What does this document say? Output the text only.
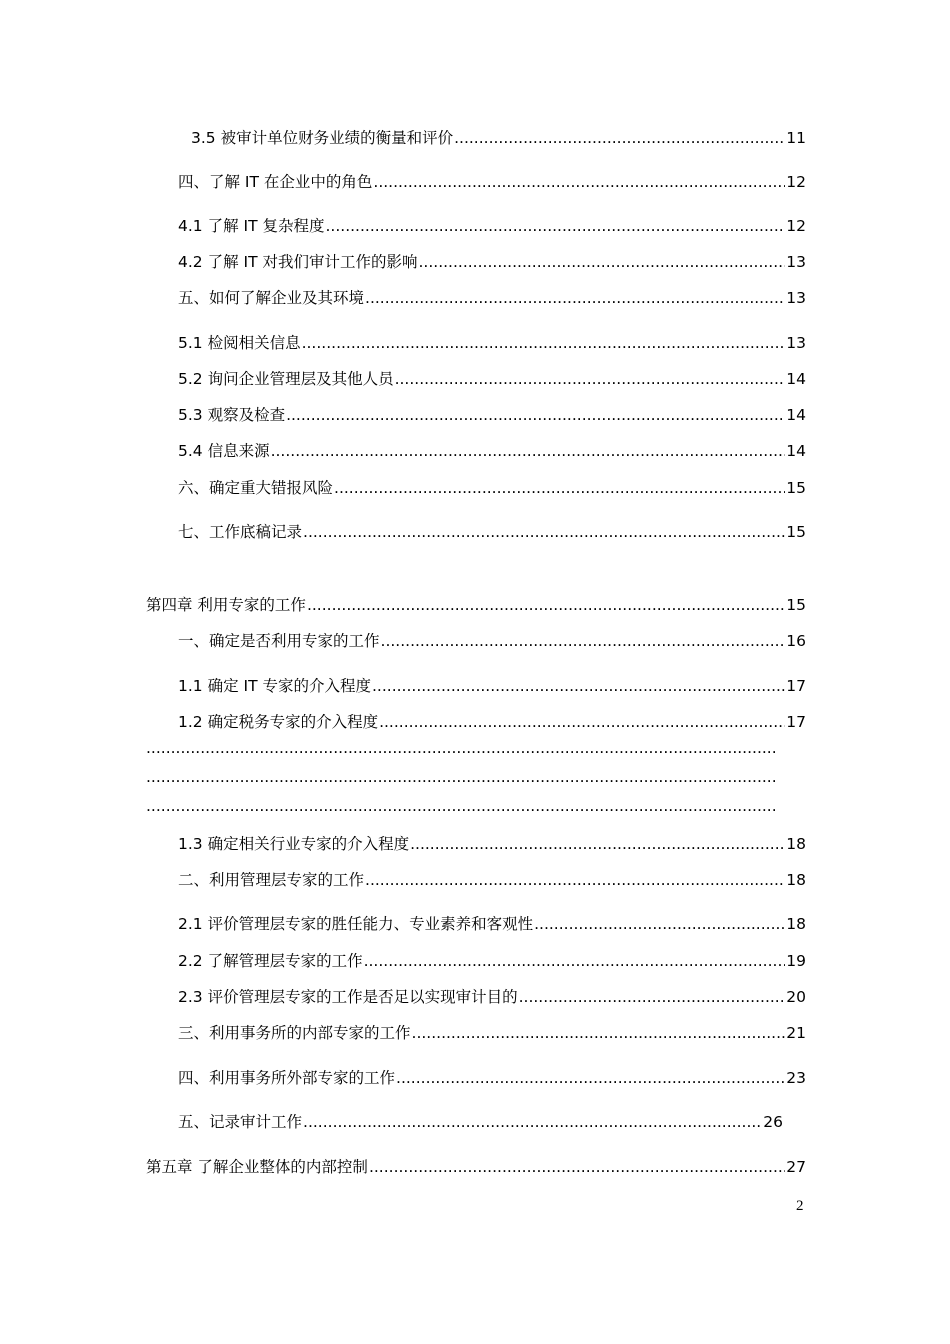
3.5 被审计单位财务业绩的衡量和评价 .....	11
四、了解 IT 在企业中的角色 .....	12
4.1 了解 IT 复杂程度 .....	12
4.2 了解 IT 对我们审计工作的影响 .....	13
五、如何了解企业及其环境 .....	13
5.1 检阅相关信息 .....	13
5.2 询问企业管理层及其他人员 .....	14
5.3 观察及检查 .....	14
5.4 信息来源 .....	14
六、确定重大错报风险 .....	15
七、工作底稿记录 .....	15
第四章 利用专家的工作 .....	15
一、确定是否利用专家的工作 .....	16
1.1 确定 IT 专家的介入程度 .....	17
1.2 确定税务专家的介入程度 .....	17
.....
.....
.....
1.3 确定相关行业专家的介入程度 .....	18
二、利用管理层专家的工作 .....	18
2.1 评价管理层专家的胜任能力、专业素养和客观性 .....	18
2.2 了解管理层专家的工作 .....	19
2.3 评价管理层专家的工作是否足以实现审计目的 .....	20
三、利用事务所的内部专家的工作 .....	21
四、利用事务所外部专家的工作 .....	23
五、记录审计工作 .....	26
第五章 了解企业整体的内部控制 .....	27
2
